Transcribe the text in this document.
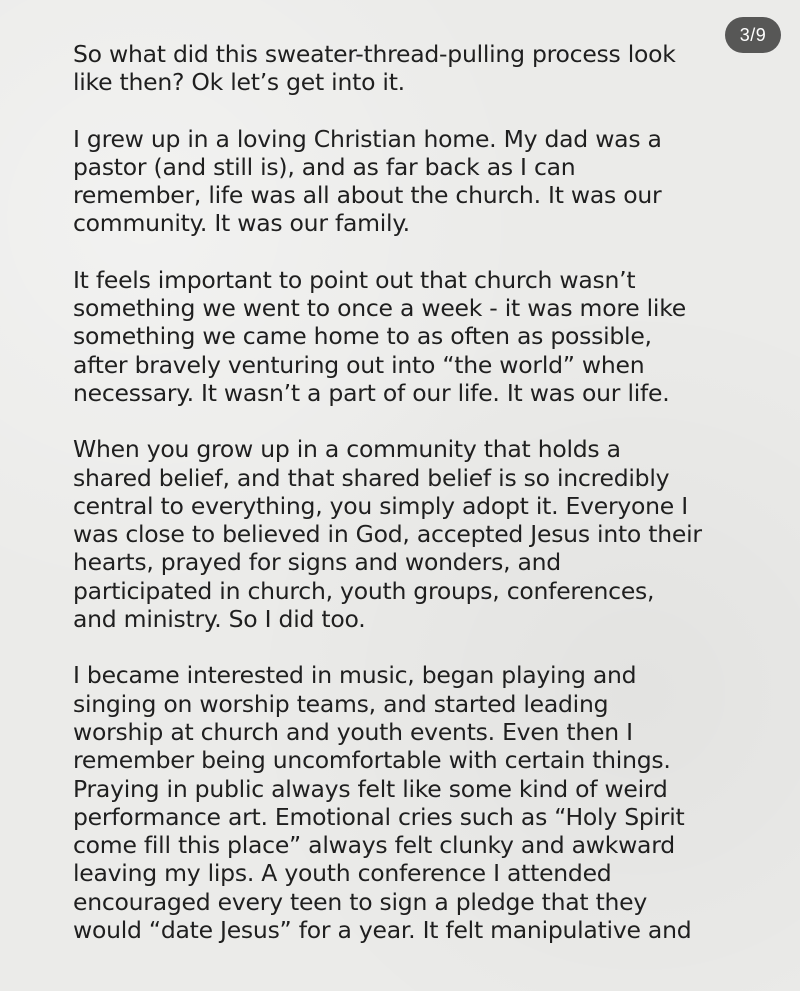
3/9

So what did this sweater-thread-pulling process look
like then? Ok let’s get into it.

I grew up in a loving Christian home. My dad was a
pastor (and still is), and as far back as I can
remember, life was all about the church. It was our
community. It was our family.

It feels important to point out that church wasn’t
something we went to once a week - it was more like
something we came home to as often as possible,
after bravely venturing out into “the world” when
necessary. It wasn’t a part of our life. It was our life.

When you grow up in a community that holds a
shared belief, and that shared belief is so incredibly
central to everything, you simply adopt it. Everyone I
was close to believed in God, accepted Jesus into their
hearts, prayed for signs and wonders, and
participated in church, youth groups, conferences,
and ministry. So I did too.

I became interested in music, began playing and
singing on worship teams, and started leading
worship at church and youth events. Even then I
remember being uncomfortable with certain things.
Praying in public always felt like some kind of weird
performance art. Emotional cries such as “Holy Spirit
come fill this place” always felt clunky and awkward
leaving my lips. A youth conference I attended
encouraged every teen to sign a pledge that they
would “date Jesus” for a year. It felt manipulative and
